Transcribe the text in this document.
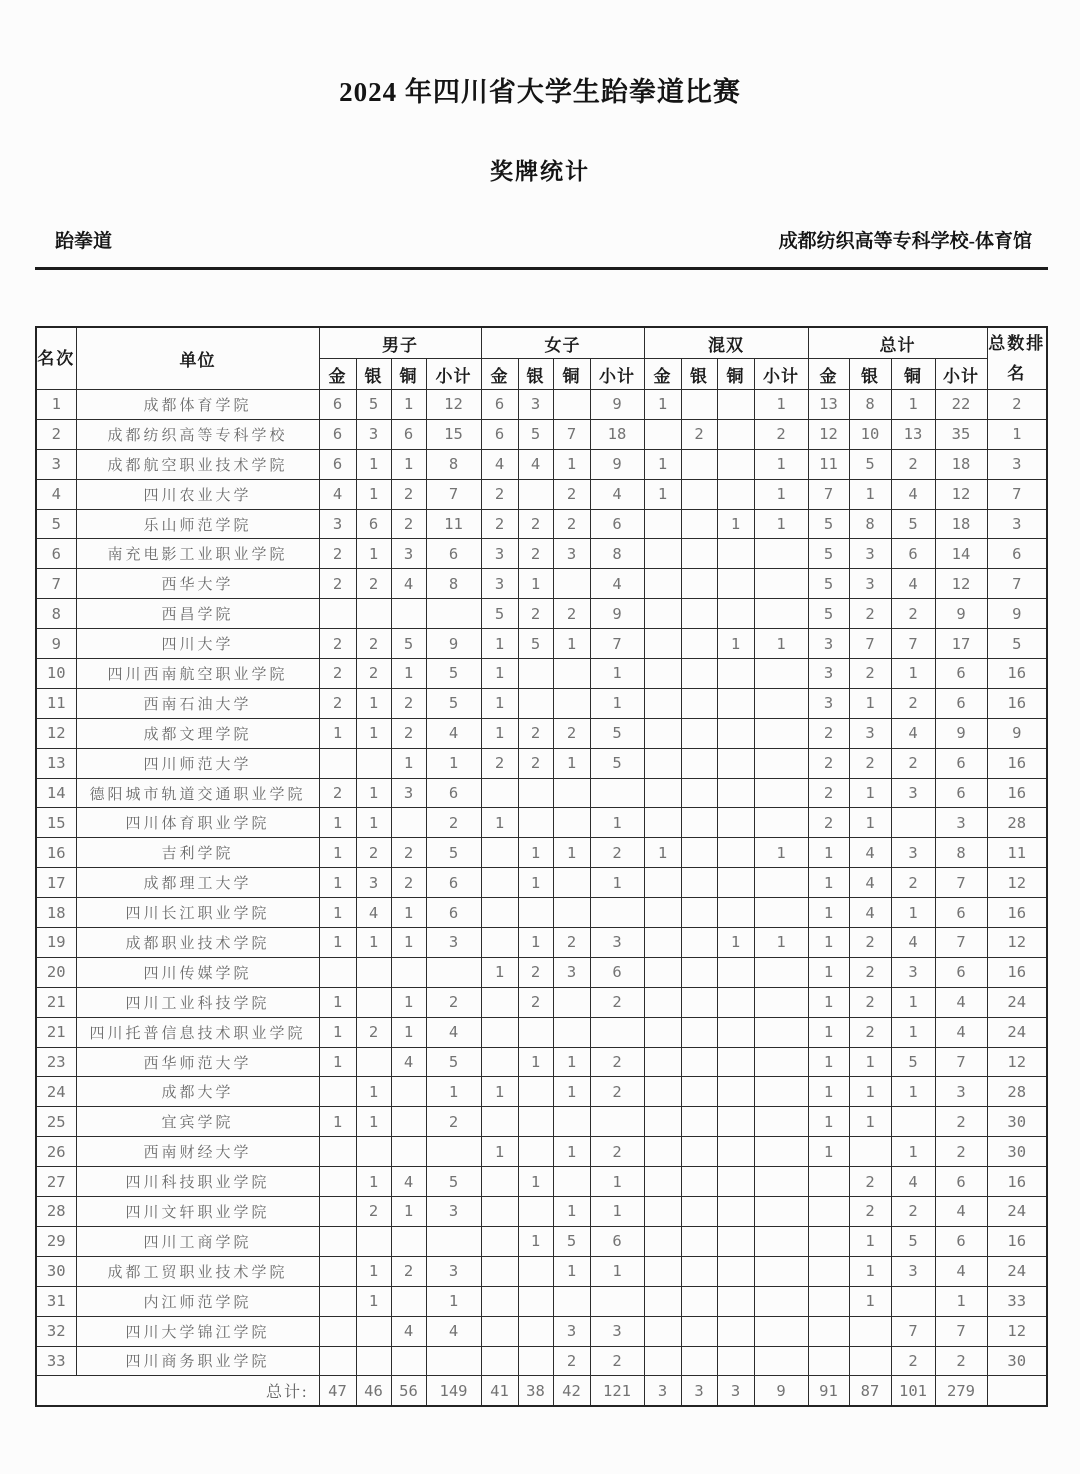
2024 年四川省大学生跆拳道比赛
奖牌统计
跆拳道	成都纺织高等专科学校-体育馆
名次	单位	男子				女子				混双				总计				总数排名
		金	银	铜	小计	金	银	铜	小计	金	银	铜	小计	金	银	铜	小计	
1	成都体育学院	6	5	1	12	6	3		9	1			1	13	8	1	22	2
2	成都纺织高等专科学校	6	3	6	15	6	5	7	18		2		2	12	10	13	35	1
3	成都航空职业技术学院	6	1	1	8	4	4	1	9	1			1	11	5	2	18	3
4	四川农业大学	4	1	2	7	2		2	4	1			1	7	1	4	12	7
5	乐山师范学院	3	6	2	11	2	2	2	6			1	1	5	8	5	18	3
6	南充电影工业职业学院	2	1	3	6	3	2	3	8					5	3	6	14	6
7	西华大学	2	2	4	8	3	1		4					5	3	4	12	7
8	西昌学院					5	2	2	9					5	2	2	9	9
9	四川大学	2	2	5	9	1	5	1	7			1	1	3	7	7	17	5
10	四川西南航空职业学院	2	2	1	5	1			1					3	2	1	6	16
11	西南石油大学	2	1	2	5	1			1					3	1	2	6	16
12	成都文理学院	1	1	2	4	1	2	2	5					2	3	4	9	9
13	四川师范大学			1	1	2	2	1	5					2	2	2	6	16
14	德阳城市轨道交通职业学院	2	1	3	6									2	1	3	6	16
15	四川体育职业学院	1	1		2	1			1					2	1		3	28
16	吉利学院	1	2	2	5		1	1	2	1			1	1	4	3	8	11
17	成都理工大学	1	3	2	6		1		1					1	4	2	7	12
18	四川长江职业学院	1	4	1	6									1	4	1	6	16
19	成都职业技术学院	1	1	1	3		1	2	3			1	1	1	2	4	7	12
20	四川传媒学院					1	2	3	6					1	2	3	6	16
21	四川工业科技学院	1		1	2		2		2					1	2	1	4	24
21	四川托普信息技术职业学院	1	2	1	4									1	2	1	4	24
23	西华师范大学	1		4	5		1	1	2					1	1	5	7	12
24	成都大学		1		1	1		1	2					1	1	1	3	28
25	宜宾学院	1	1		2									1	1		2	30
26	西南财经大学					1		1	2					1		1	2	30
27	四川科技职业学院		1	4	5		1		1						2	4	6	16
28	四川文轩职业学院		2	1	3			1	1						2	2	4	24
29	四川工商学院						1	5	6						1	5	6	16
30	成都工贸职业技术学院		1	2	3			1	1						1	3	4	24
31	内江师范学院		1		1										1		1	33
32	四川大学锦江学院			4	4			3	3							7	7	12
33	四川商务职业学院							2	2							2	2	30
总计:		47	46	56	149	41	38	42	121	3	3	3	9	91	87	101	279	
